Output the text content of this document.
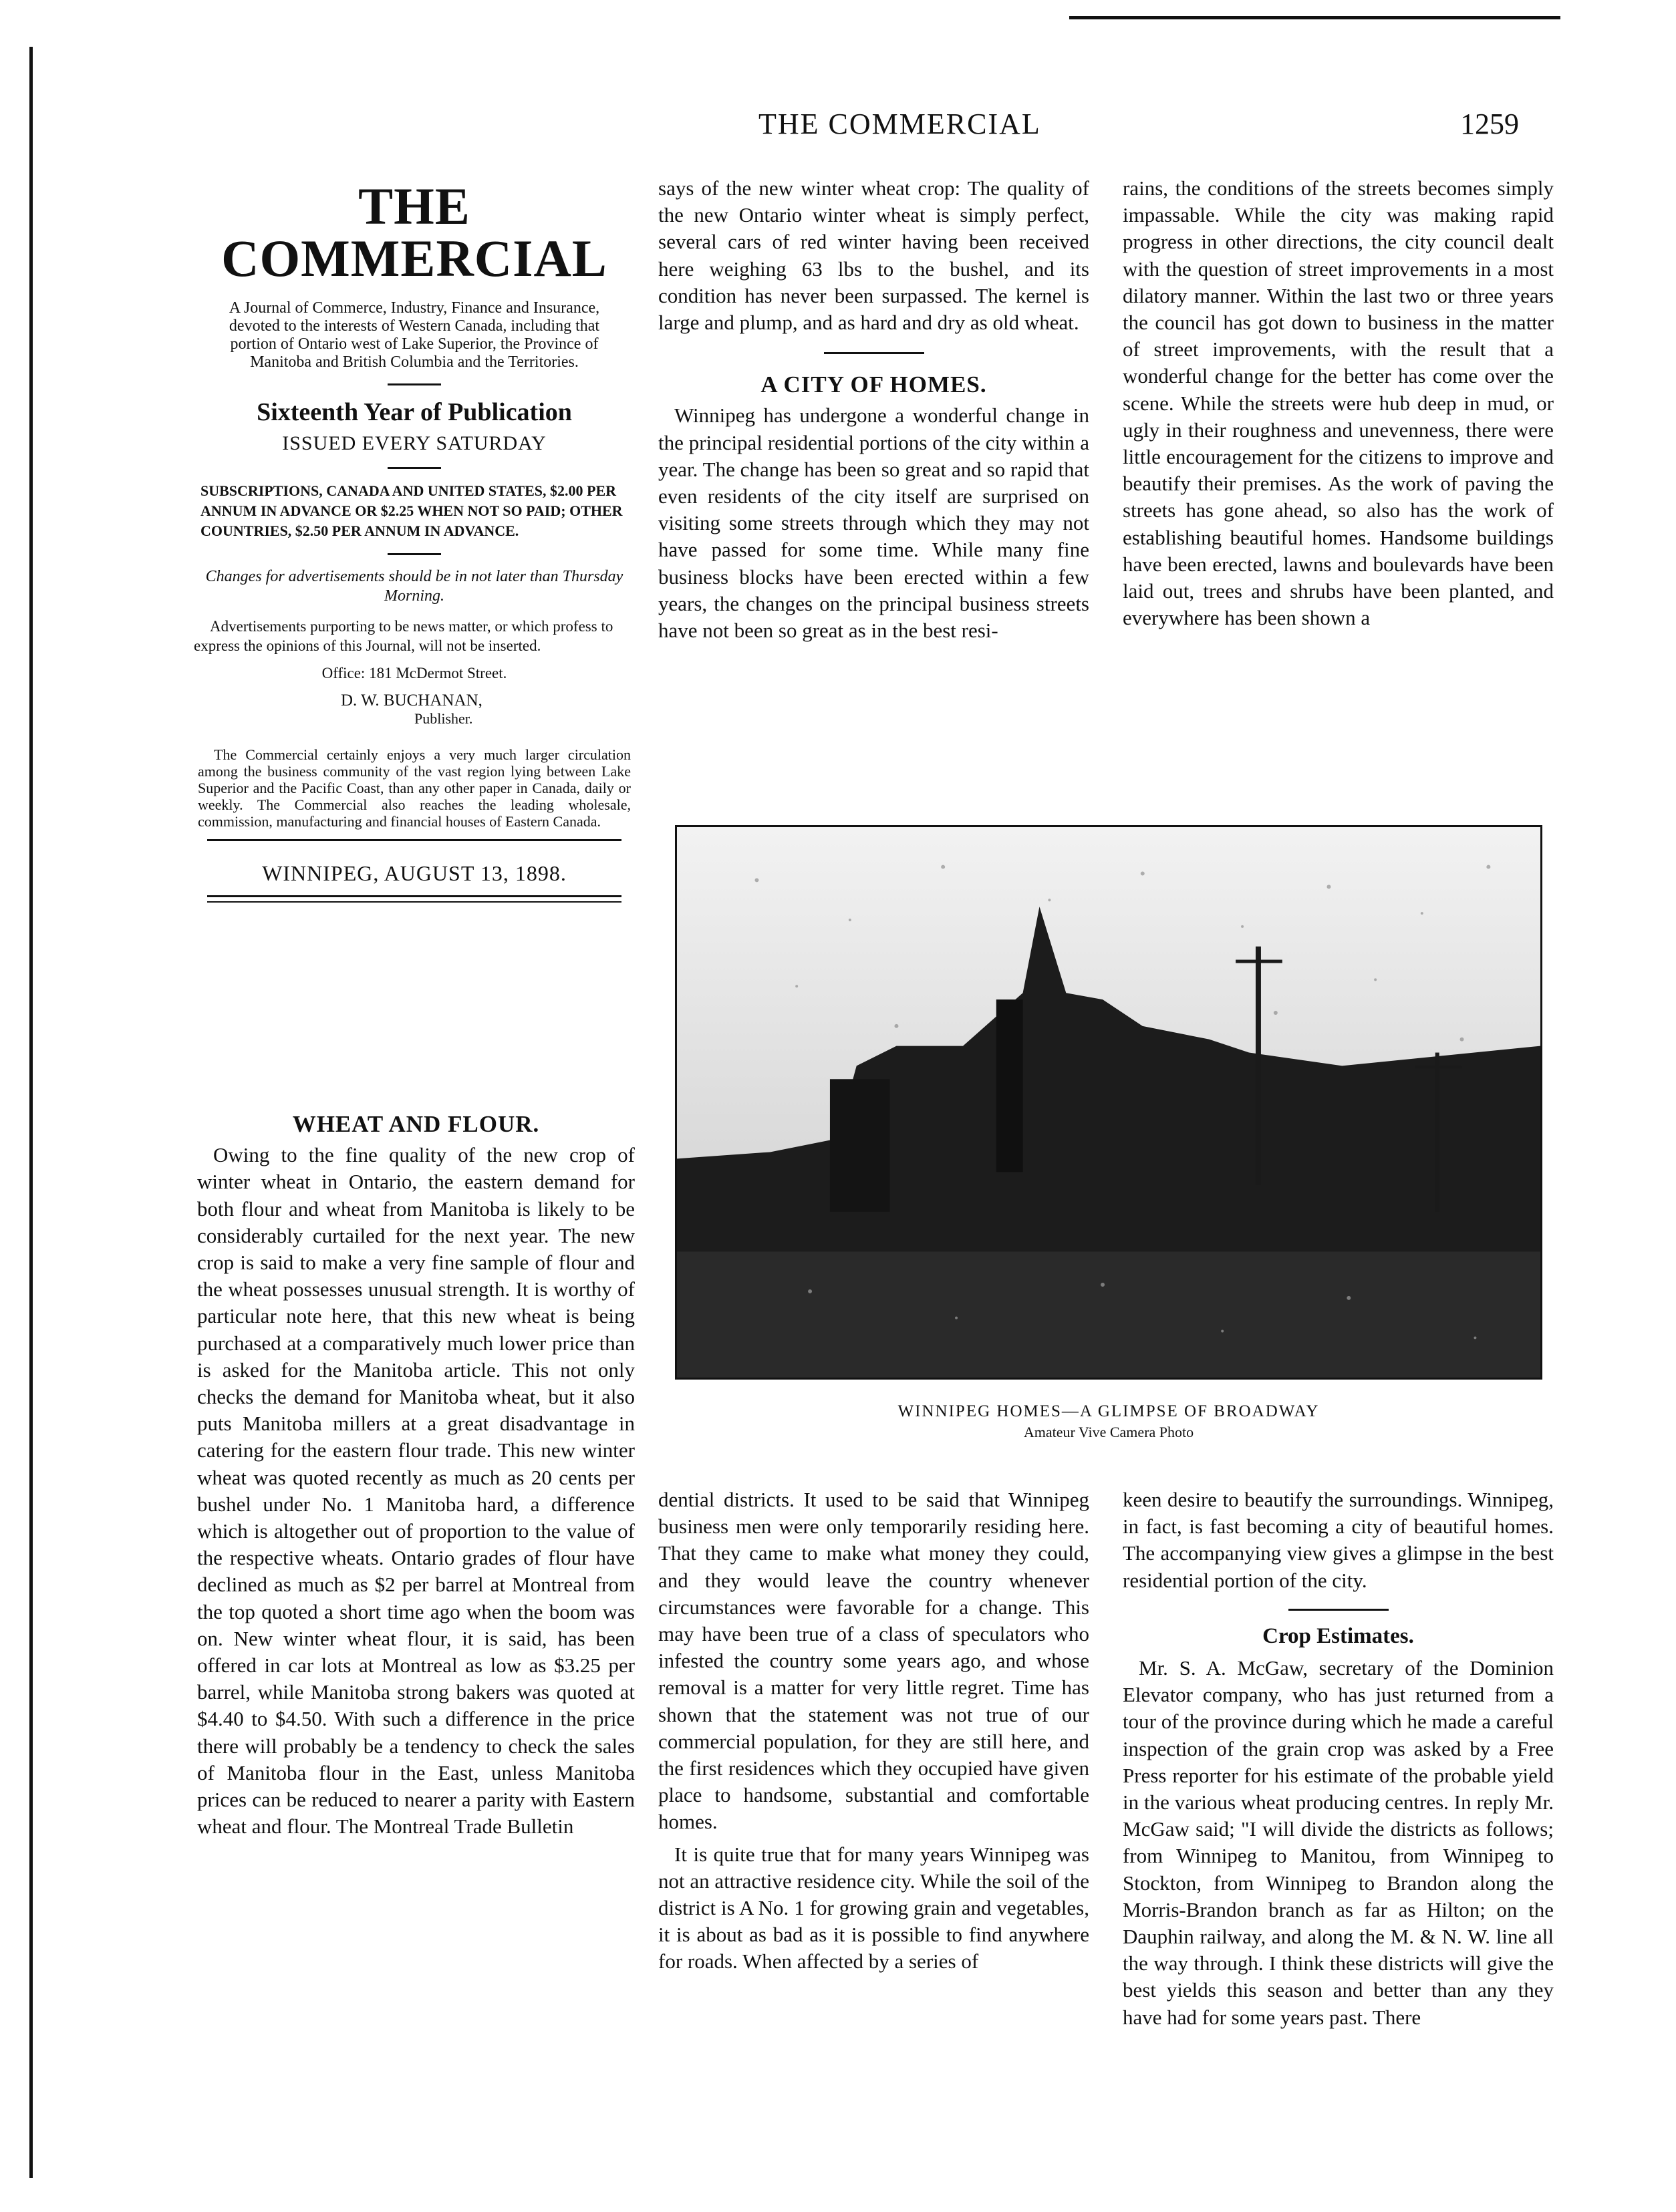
THE COMMERCIAL	1259
THE COMMERCIAL
A Journal of Commerce, Industry, Finance and Insurance, devoted to the interests of Western Canada, including that portion of Ontario west of Lake Superior, the Province of Manitoba and British Columbia and the Territories.
Sixteenth Year of Publication
ISSUED EVERY SATURDAY
SUBSCRIPTIONS, CANADA AND UNITED STATES, $2.00 PER ANNUM IN ADVANCE OR $2.25 WHEN NOT SO PAID; OTHER COUNTRIES, $2.50 PER ANNUM IN ADVANCE.
Changes for advertisements should be in not later than Thursday Morning.
Advertisements purporting to be news matter, or which profess to express the opinions of this Journal, will not be inserted.
Office: 181 McDermot Street.
D. W. BUCHANAN,
Publisher.
The Commercial certainly enjoys a very much larger circulation among the business community of the vast region lying between Lake Superior and the Pacific Coast, than any other paper in Canada, daily or weekly. The Commercial also reaches the leading wholesale, commission, manufacturing and financial houses of Eastern Canada.
WINNIPEG, AUGUST 13, 1898.
WHEAT AND FLOUR.

Owing to the fine quality of the new crop of winter wheat in Ontario, the eastern demand for both flour and wheat from Manitoba is likely to be considerably curtailed for the next year. The new crop is said to make a very fine sample of flour and the wheat possesses unusual strength. It is worthy of particular note here, that this new wheat is being purchased at a comparatively much lower price than is asked for the Manitoba article. This not only checks the demand for Manitoba wheat, but it also puts Manitoba millers at a great disadvantage in catering for the eastern flour trade. This new winter wheat was quoted recently as much as 20 cents per bushel under No. 1 Manitoba hard, a difference which is altogether out of proportion to the value of the respective wheats. Ontario grades of flour have declined as much as $2 per barrel at Montreal from the top quoted a short time ago when the boom was on. New winter wheat flour, it is said, has been offered in car lots at Montreal as low as $3.25 per barrel, while Manitoba strong bakers was quoted at $4.40 to $4.50. With such a difference in the price there will probably be a tendency to check the sales of Manitoba flour in the East, unless Manitoba prices can be reduced to nearer a parity with Eastern wheat and flour. The Montreal Trade Bulletin

says of the new winter wheat crop: The quality of the new Ontario winter wheat is simply perfect, several cars of red winter having been received here weighing 63 lbs to the bushel, and its condition has never been surpassed. The kernel is large and plump, and as hard and dry as old wheat.

A CITY OF HOMES.

Winnipeg has undergone a wonderful change in the principal residential portions of the city within a year. The change has been so great and so rapid that even residents of the city itself are surprised on visiting some streets through which they may not have passed for some time. While many fine business blocks have been erected within a few years, the changes on the principal business streets have not been so great as in the best resi-

rains, the conditions of the streets becomes simply impassable. While the city was making rapid progress in other directions, the city council dealt with the question of street improvements in a most dilatory manner. Within the last two or three years the council has got down to business in the matter of street improvements, with the result that a wonderful change for the better has come over the scene. While the streets were hub deep in mud, or ugly in their roughness and unevenness, there were little encouragement for the citizens to improve and beautify their premises. As the work of paving the streets has gone ahead, so also has the work of establishing beautiful homes. Handsome buildings have been erected, lawns and boulevards have been laid out, trees and shrubs have been planted, and everywhere has been shown a

WINNIPEG HOMES—A GLIMPSE OF BROADWAY
Amateur Vive Camera Photo

dential districts. It used to be said that Winnipeg business men were only temporarily residing here. That they came to make what money they could, and they would leave the country whenever circumstances were favorable for a change. This may have been true of a class of speculators who infested the country some years ago, and whose removal is a matter for very little regret. Time has shown that the statement was not true of our commercial population, for they are still here, and the first residences which they occupied have given place to handsome, substantial and comfortable homes.

It is quite true that for many years Winnipeg was not an attractive residence city. While the soil of the district is A No. 1 for growing grain and vegetables, it is about as bad as it is possible to find anywhere for roads. When affected by a series of

keen desire to beautify the surroundings. Winnipeg, in fact, is fast becoming a city of beautiful homes. The accompanying view gives a glimpse in the best residential portion of the city.

Crop Estimates.

Mr. S. A. McGaw, secretary of the Dominion Elevator company, who has just returned from a tour of the province during which he made a careful inspection of the grain crop was asked by a Free Press reporter for his estimate of the probable yield in the various wheat producing centres. In reply Mr. McGaw said; "I will divide the districts as follows; from Winnipeg to Manitou, from Winnipeg to Stockton, from Winnipeg to Brandon along the Morris-Brandon branch as far as Hilton; on the Dauphin railway, and along the M. & N. W. line all the way through. I think these districts will give the best yields this season and better than any they have had for some years past. There
